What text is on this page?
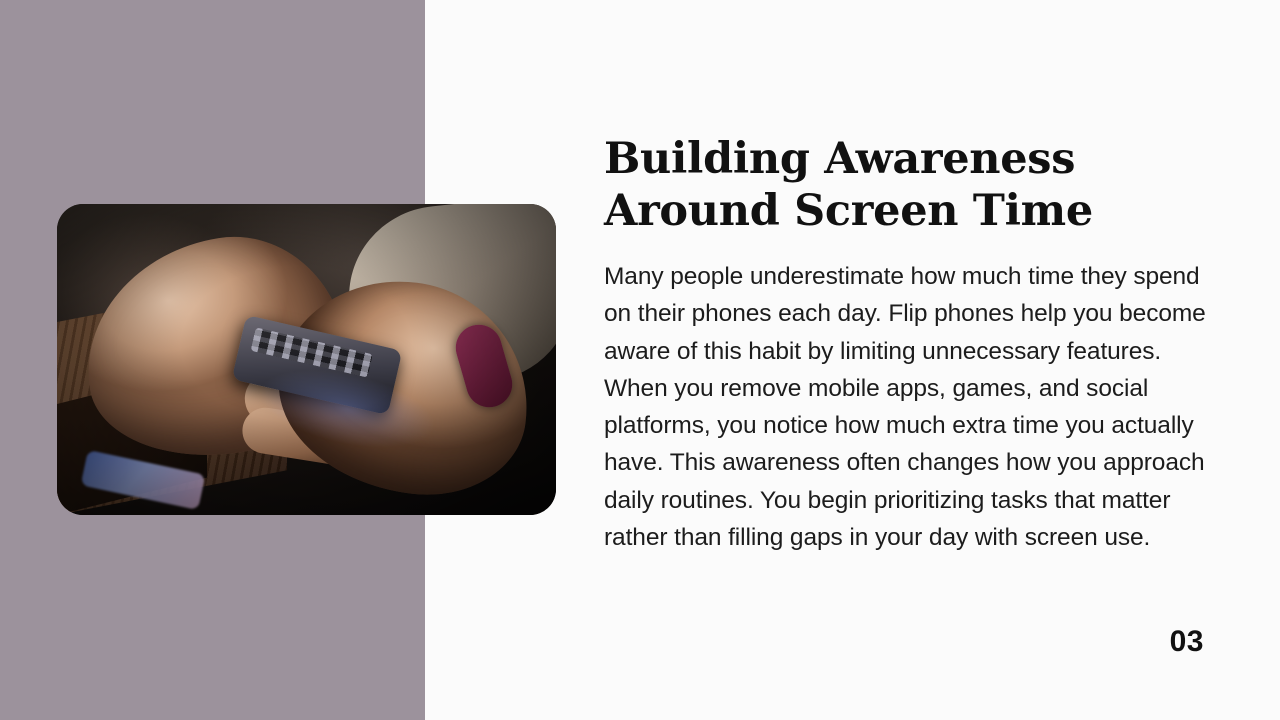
Building Awareness Around Screen Time

Many people underestimate how much time they spend on their phones each day. Flip phones help you become aware of this habit by limiting unnecessary features. When you remove mobile apps, games, and social platforms, you notice how much extra time you actually have. This awareness often changes how you approach daily routines. You begin prioritizing tasks that matter rather than filling gaps in your day with screen use.

03
